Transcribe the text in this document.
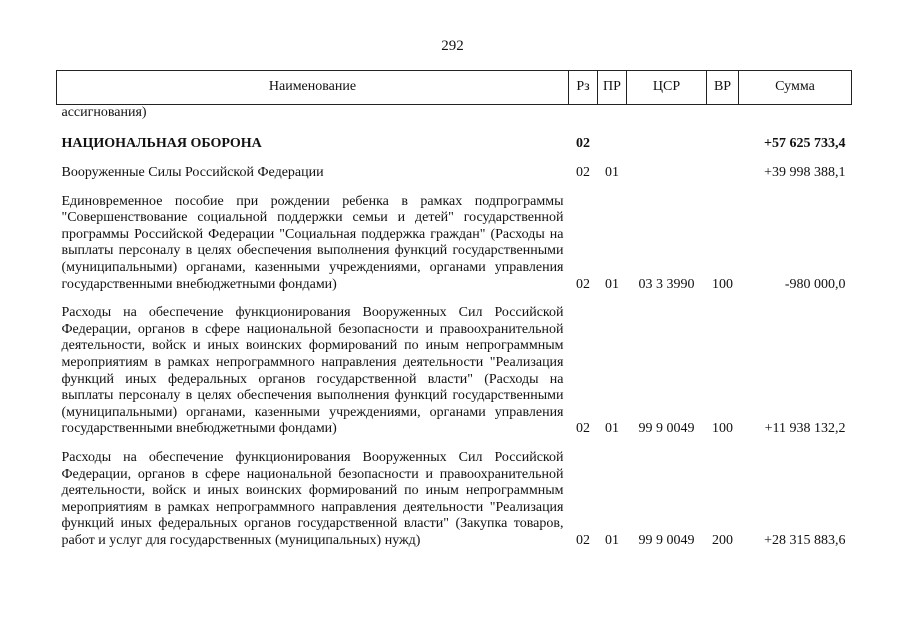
292
Наименование	Рз	ПР	ЦСР	ВР	Сумма
ассигнования)					

НАЦИОНАЛЬНАЯ ОБОРОНА	02				+57 625 733,4

Вооруженные Силы Российской Федерации	02	01			+39 998 388,1

Единовременное пособие при рождении ребенка в рамках подпрограммы "Совершенствование социальной поддержки семьи и детей" государственной программы Российской Федерации "Социальная поддержка граждан" (Расходы на выплаты персоналу в целях обеспечения выполнения функций государственными (муниципальными) органами, казенными учреждениями, органами управления государственными внебюджетными фондами)	02	01	03 3 3990	100	-980 000,0

Расходы на обеспечение функционирования Вооруженных Сил Российской Федерации, органов в сфере национальной безопасности и правоохранительной деятельности, войск и иных воинских формирований по иным непрограммным мероприятиям в рамках непрограммного направления деятельности "Реализация функций иных федеральных органов государственной власти" (Расходы на выплаты персоналу в целях обеспечения выполнения функций государственными (муниципальными) органами, казенными учреждениями, органами управления государственными внебюджетными фондами)	02	01	99 9 0049	100	+11 938 132,2

Расходы на обеспечение функционирования Вооруженных Сил Российской Федерации, органов в сфере национальной безопасности и правоохранительной деятельности, войск и иных воинских формирований по иным непрограммным мероприятиям в рамках непрограммного направления деятельности "Реализация функций иных федеральных органов государственной власти" (Закупка товаров, работ и услуг для государственных (муниципальных) нужд)	02	01	99 9 0049	200	+28 315 883,6
